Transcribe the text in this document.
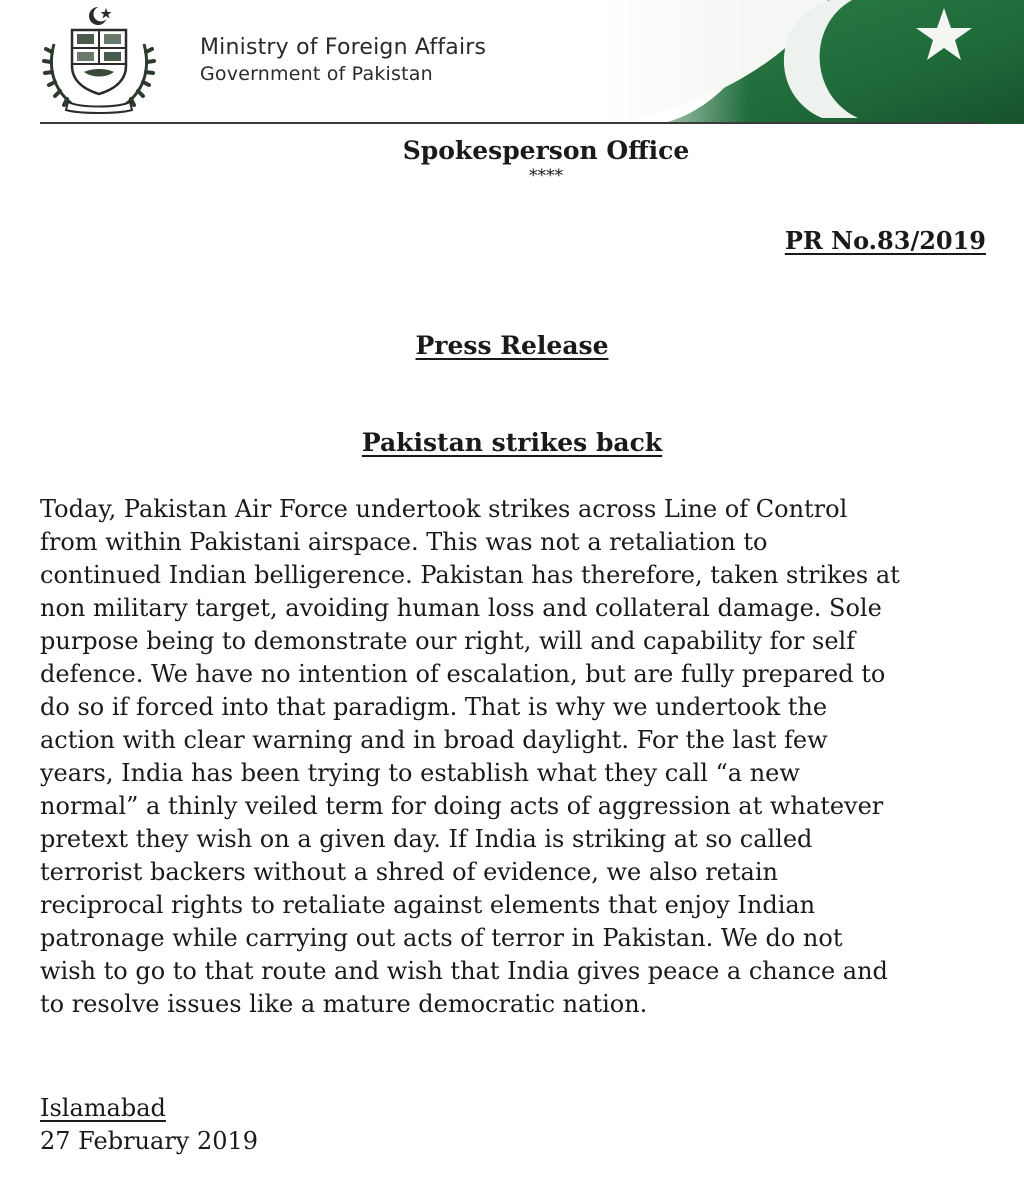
Ministry of Foreign Affairs
Government of Pakistan
Spokesperson Office
****
PR No.83/2019
Press Release
Pakistan strikes back

Today, Pakistan Air Force undertook strikes across Line of Control
from within Pakistani airspace. This was not a retaliation to
continued Indian belligerence. Pakistan has therefore, taken strikes at
non military target, avoiding human loss and collateral damage. Sole
purpose being to demonstrate our right, will and capability for self
defence. We have no intention of escalation, but are fully prepared to
do so if forced into that paradigm. That is why we undertook the
action with clear warning and in broad daylight. For the last few
years, India has been trying to establish what they call “a new
normal” a thinly veiled term for doing acts of aggression at whatever
pretext they wish on a given day. If India is striking at so called
terrorist backers without a shred of evidence, we also retain
reciprocal rights to retaliate against elements that enjoy Indian
patronage while carrying out acts of terror in Pakistan. We do not
wish to go to that route and wish that India gives peace a chance and
to resolve issues like a mature democratic nation.

Islamabad
27 February 2019
